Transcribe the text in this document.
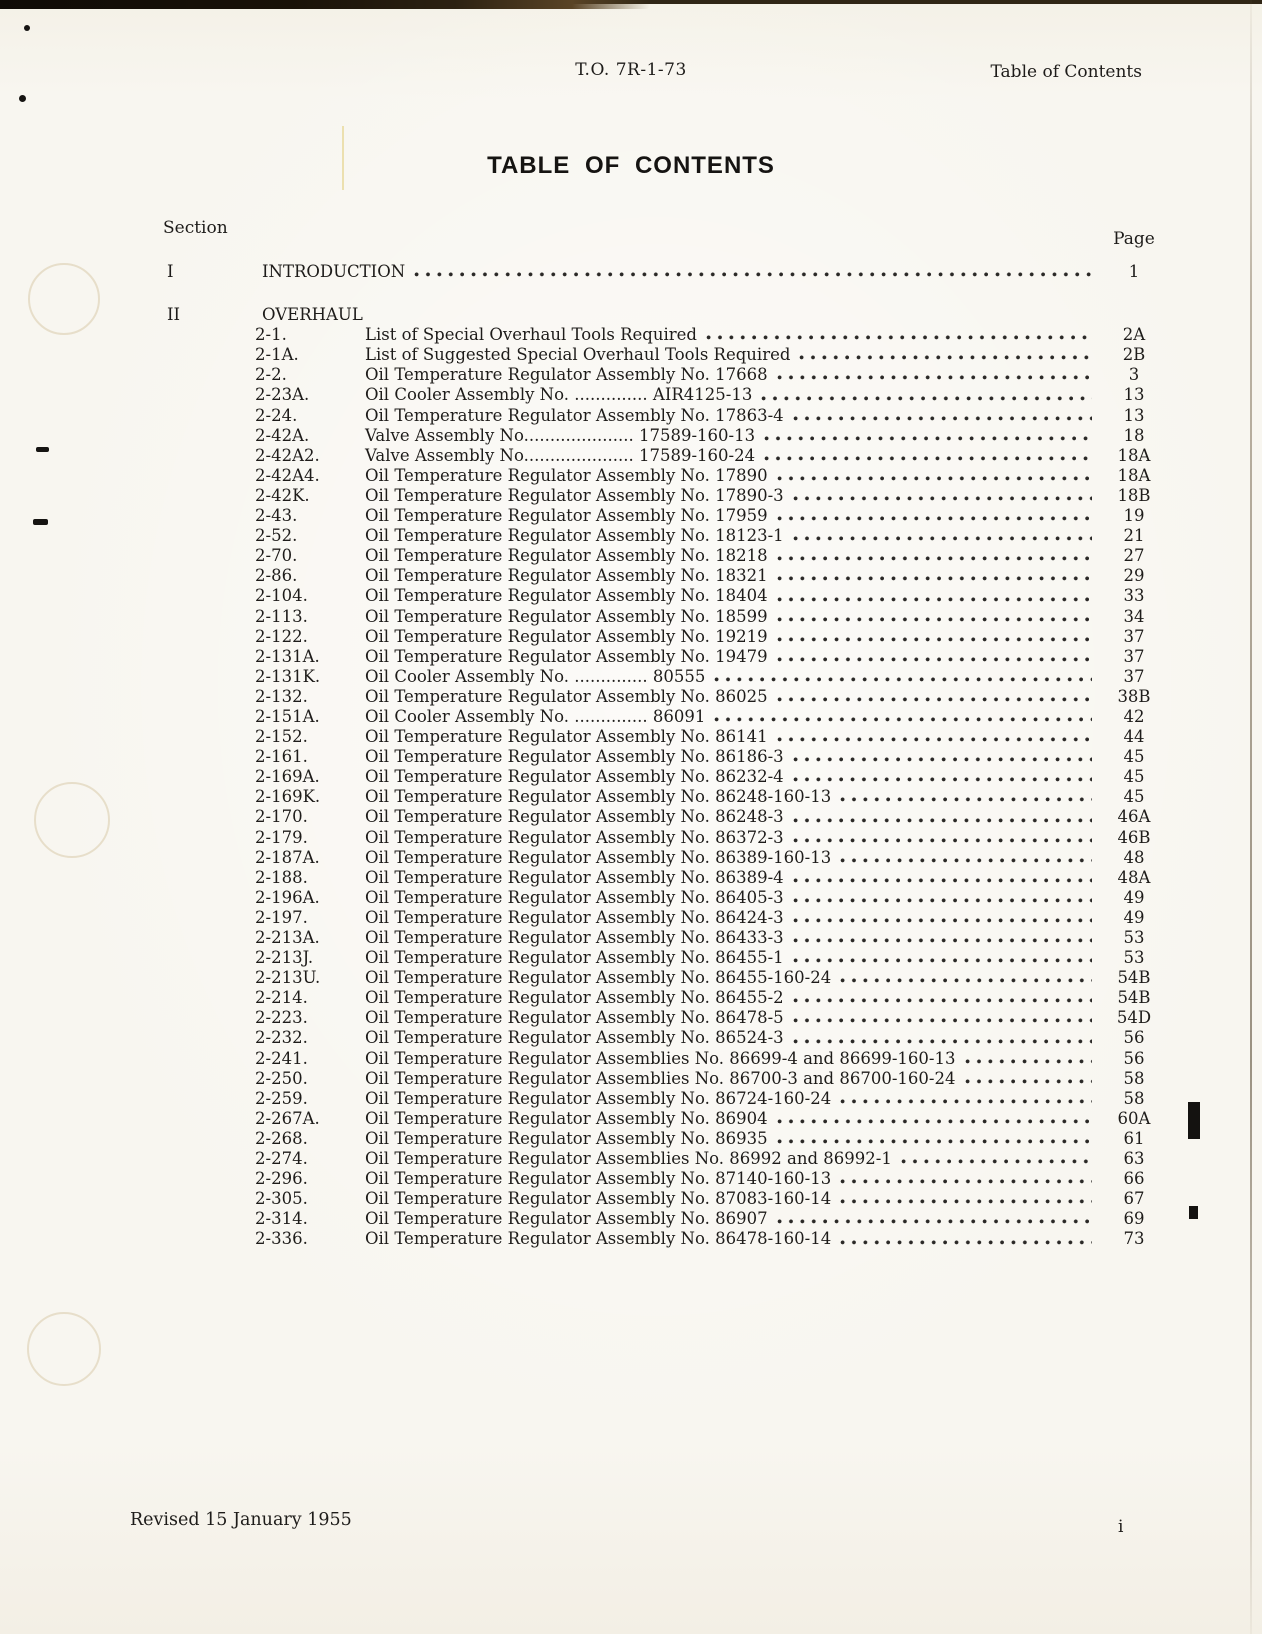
T.O. 7R-1-73	Table of Contents
TABLE OF CONTENTS
Section
Page
I	INTRODUCTION	1
II	OVERHAUL
2-1.	List of Special Overhaul Tools Required	2A
2-1A.	List of Suggested Special Overhaul Tools Required	2B
2-2.	Oil Temperature Regulator Assembly No. 17668	3
2-23A.	Oil Cooler Assembly No. .............. AIR4125-13	13
2-24.	Oil Temperature Regulator Assembly No. 17863-4	13
2-42A.	Valve Assembly No..................... 17589-160-13	18
2-42A2.	Valve Assembly No..................... 17589-160-24	18A
2-42A4.	Oil Temperature Regulator Assembly No. 17890	18A
2-42K.	Oil Temperature Regulator Assembly No. 17890-3	18B
2-43.	Oil Temperature Regulator Assembly No. 17959	19
2-52.	Oil Temperature Regulator Assembly No. 18123-1	21
2-70.	Oil Temperature Regulator Assembly No. 18218	27
2-86.	Oil Temperature Regulator Assembly No. 18321	29
2-104.	Oil Temperature Regulator Assembly No. 18404	33
2-113.	Oil Temperature Regulator Assembly No. 18599	34
2-122.	Oil Temperature Regulator Assembly No. 19219	37
2-131A.	Oil Temperature Regulator Assembly No. 19479	37
2-131K.	Oil Cooler Assembly No. .............. 80555	37
2-132.	Oil Temperature Regulator Assembly No. 86025	38B
2-151A.	Oil Cooler Assembly No. .............. 86091	42
2-152.	Oil Temperature Regulator Assembly No. 86141	44
2-161.	Oil Temperature Regulator Assembly No. 86186-3	45
2-169A.	Oil Temperature Regulator Assembly No. 86232-4	45
2-169K.	Oil Temperature Regulator Assembly No. 86248-160-13	45
2-170.	Oil Temperature Regulator Assembly No. 86248-3	46A
2-179.	Oil Temperature Regulator Assembly No. 86372-3	46B
2-187A.	Oil Temperature Regulator Assembly No. 86389-160-13	48
2-188.	Oil Temperature Regulator Assembly No. 86389-4	48A
2-196A.	Oil Temperature Regulator Assembly No. 86405-3	49
2-197.	Oil Temperature Regulator Assembly No. 86424-3	49
2-213A.	Oil Temperature Regulator Assembly No. 86433-3	53
2-213J.	Oil Temperature Regulator Assembly No. 86455-1	53
2-213U.	Oil Temperature Regulator Assembly No. 86455-160-24	54B
2-214.	Oil Temperature Regulator Assembly No. 86455-2	54B
2-223.	Oil Temperature Regulator Assembly No. 86478-5	54D
2-232.	Oil Temperature Regulator Assembly No. 86524-3	56
2-241.	Oil Temperature Regulator Assemblies No. 86699-4 and 86699-160-13	56
2-250.	Oil Temperature Regulator Assemblies No. 86700-3 and 86700-160-24	58
2-259.	Oil Temperature Regulator Assembly No. 86724-160-24	58
2-267A.	Oil Temperature Regulator Assembly No. 86904	60A
2-268.	Oil Temperature Regulator Assembly No. 86935	61
2-274.	Oil Temperature Regulator Assemblies No. 86992 and 86992-1	63
2-296.	Oil Temperature Regulator Assembly No. 87140-160-13	66
2-305.	Oil Temperature Regulator Assembly No. 87083-160-14	67
2-314.	Oil Temperature Regulator Assembly No. 86907	69
2-336.	Oil Temperature Regulator Assembly No. 86478-160-14	73
Revised 15 January 1955	i
